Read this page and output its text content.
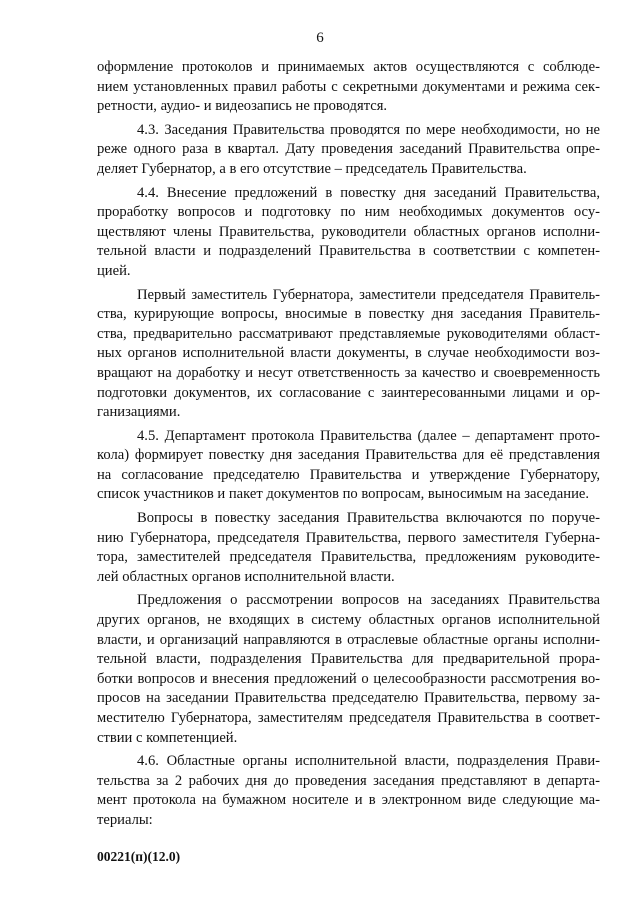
6
оформление протоколов и принимаемых актов осуществляются с соблюде-
нием установленных правил работы с секретными документами и режима сек-
ретности, аудио- и видеозапись не проводятся.
4.3. Заседания Правительства проводятся по мере необходимости, но не
реже одного раза в квартал. Дату проведения заседаний Правительства опре-
деляет Губернатор, а в его отсутствие – председатель Правительства.
4.4. Внесение предложений в повестку дня заседаний Правительства,
проработку вопросов и подготовку по ним необходимых документов осу-
ществляют члены Правительства, руководители областных органов исполни-
тельной власти и подразделений Правительства в соответствии с компетен-
цией.
Первый заместитель Губернатора, заместители председателя Правитель-
ства, курирующие вопросы, вносимые в повестку дня заседания Правитель-
ства, предварительно рассматривают представляемые руководителями област-
ных органов исполнительной власти документы, в случае необходимости воз-
вращают на доработку и несут ответственность за качество и своевременность
подготовки документов, их согласование с заинтересованными лицами и ор-
ганизациями.
4.5. Департамент протокола Правительства (далее – департамент прото-
кола) формирует повестку дня заседания Правительства для её представления
на согласование председателю Правительства и утверждение Губернатору,
список участников и пакет документов по вопросам, выносимым на заседание.
Вопросы в повестку заседания Правительства включаются по поруче-
нию Губернатора, председателя Правительства, первого заместителя Губерна-
тора, заместителей председателя Правительства, предложениям руководите-
лей областных органов исполнительной власти.
Предложения о рассмотрении вопросов на заседаниях Правительства
других органов, не входящих в систему областных органов исполнительной
власти, и организаций направляются в отраслевые областные органы исполни-
тельной власти, подразделения Правительства для предварительной прора-
ботки вопросов и внесения предложений о целесообразности рассмотрения во-
просов на заседании Правительства председателю Правительства, первому за-
местителю Губернатора, заместителям председателя Правительства в соответ-
ствии с компетенцией.
4.6. Областные органы исполнительной власти, подразделения Прави-
тельства за 2 рабочих дня до проведения заседания представляют в департа-
мент протокола на бумажном носителе и в электронном виде следующие ма-
териалы:
00221(п)(12.0)
